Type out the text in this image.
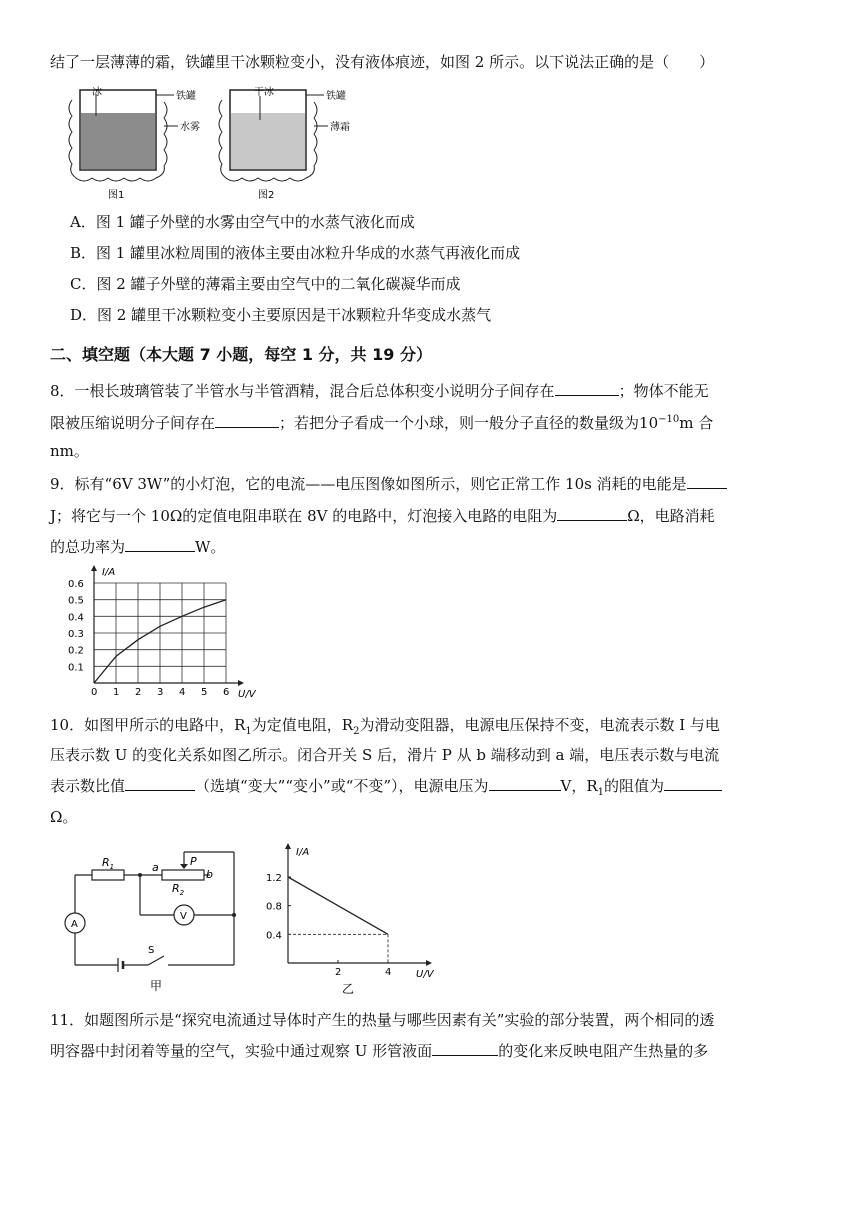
结了一层薄薄的霜，铁罐里干冰颗粒变小，没有液体痕迹，如图 2 所示。以下说法正确的是（　　）
冰	铁罐
水雾
图1
干冰	铁罐
薄霜
图2
A．图 1 罐子外壁的水雾由空气中的水蒸气液化而成
B．图 1 罐里冰粒周围的液体主要由冰粒升华成的水蒸气再液化而成
C．图 2 罐子外壁的薄霜主要由空气中的二氧化碳凝华而成
D．图 2 罐里干冰颗粒变小主要原因是干冰颗粒升华变成水蒸气
二、填空题（本大题 7 小题，每空 1 分，共 19 分）
8．一根长玻璃管装了半管水与半管酒精，混合后总体积变小说明分子间存在	；物体不能无
限被压缩说明分子间存在	；若把分子看成一个小球，则一般分子直径的数量级为$10^{-10}m$ 合
nm。
9．标有“6V 3W”的小灯泡，它的电流——电压图像如图所示，则它正常工作 10s 消耗的电能是
J；将它与一个 10Ω的定值电阻串联在 8V 的电路中，灯泡接入电路的电阻为	Ω，电路消耗
的总功率为	W。
0 1 2 3 4 5 6
0.1
0.2
0.3
0.4
0.5
0.6
U/V
I/A
10．如图甲所示的电路中，$R_1$为定值电阻，$R_2$为滑动变阻器，电源电压保持不变，电流表示数 I 与电
压表示数 U 的变化关系如图乙所示。闭合开关 S 后，滑片 P 从 b 端移动到 a 端，电压表示数与电流
表示数比值	（选填“变大”“变小”或“不变”），电源电压为	V，$R_1$的阻值为
Ω。
$R_1$
$R_2$
a
b
P
A
V
S
甲
2	4
0.4
0.8
1.2
U/V
I/A
乙
11．如题图所示是“探究电流通过导体时产生的热量与哪些因素有关”实验的部分装置，两个相同的透
明容器中封闭着等量的空气，实验中通过观察 U 形管液面	的变化来反映电阻产生热量的多
